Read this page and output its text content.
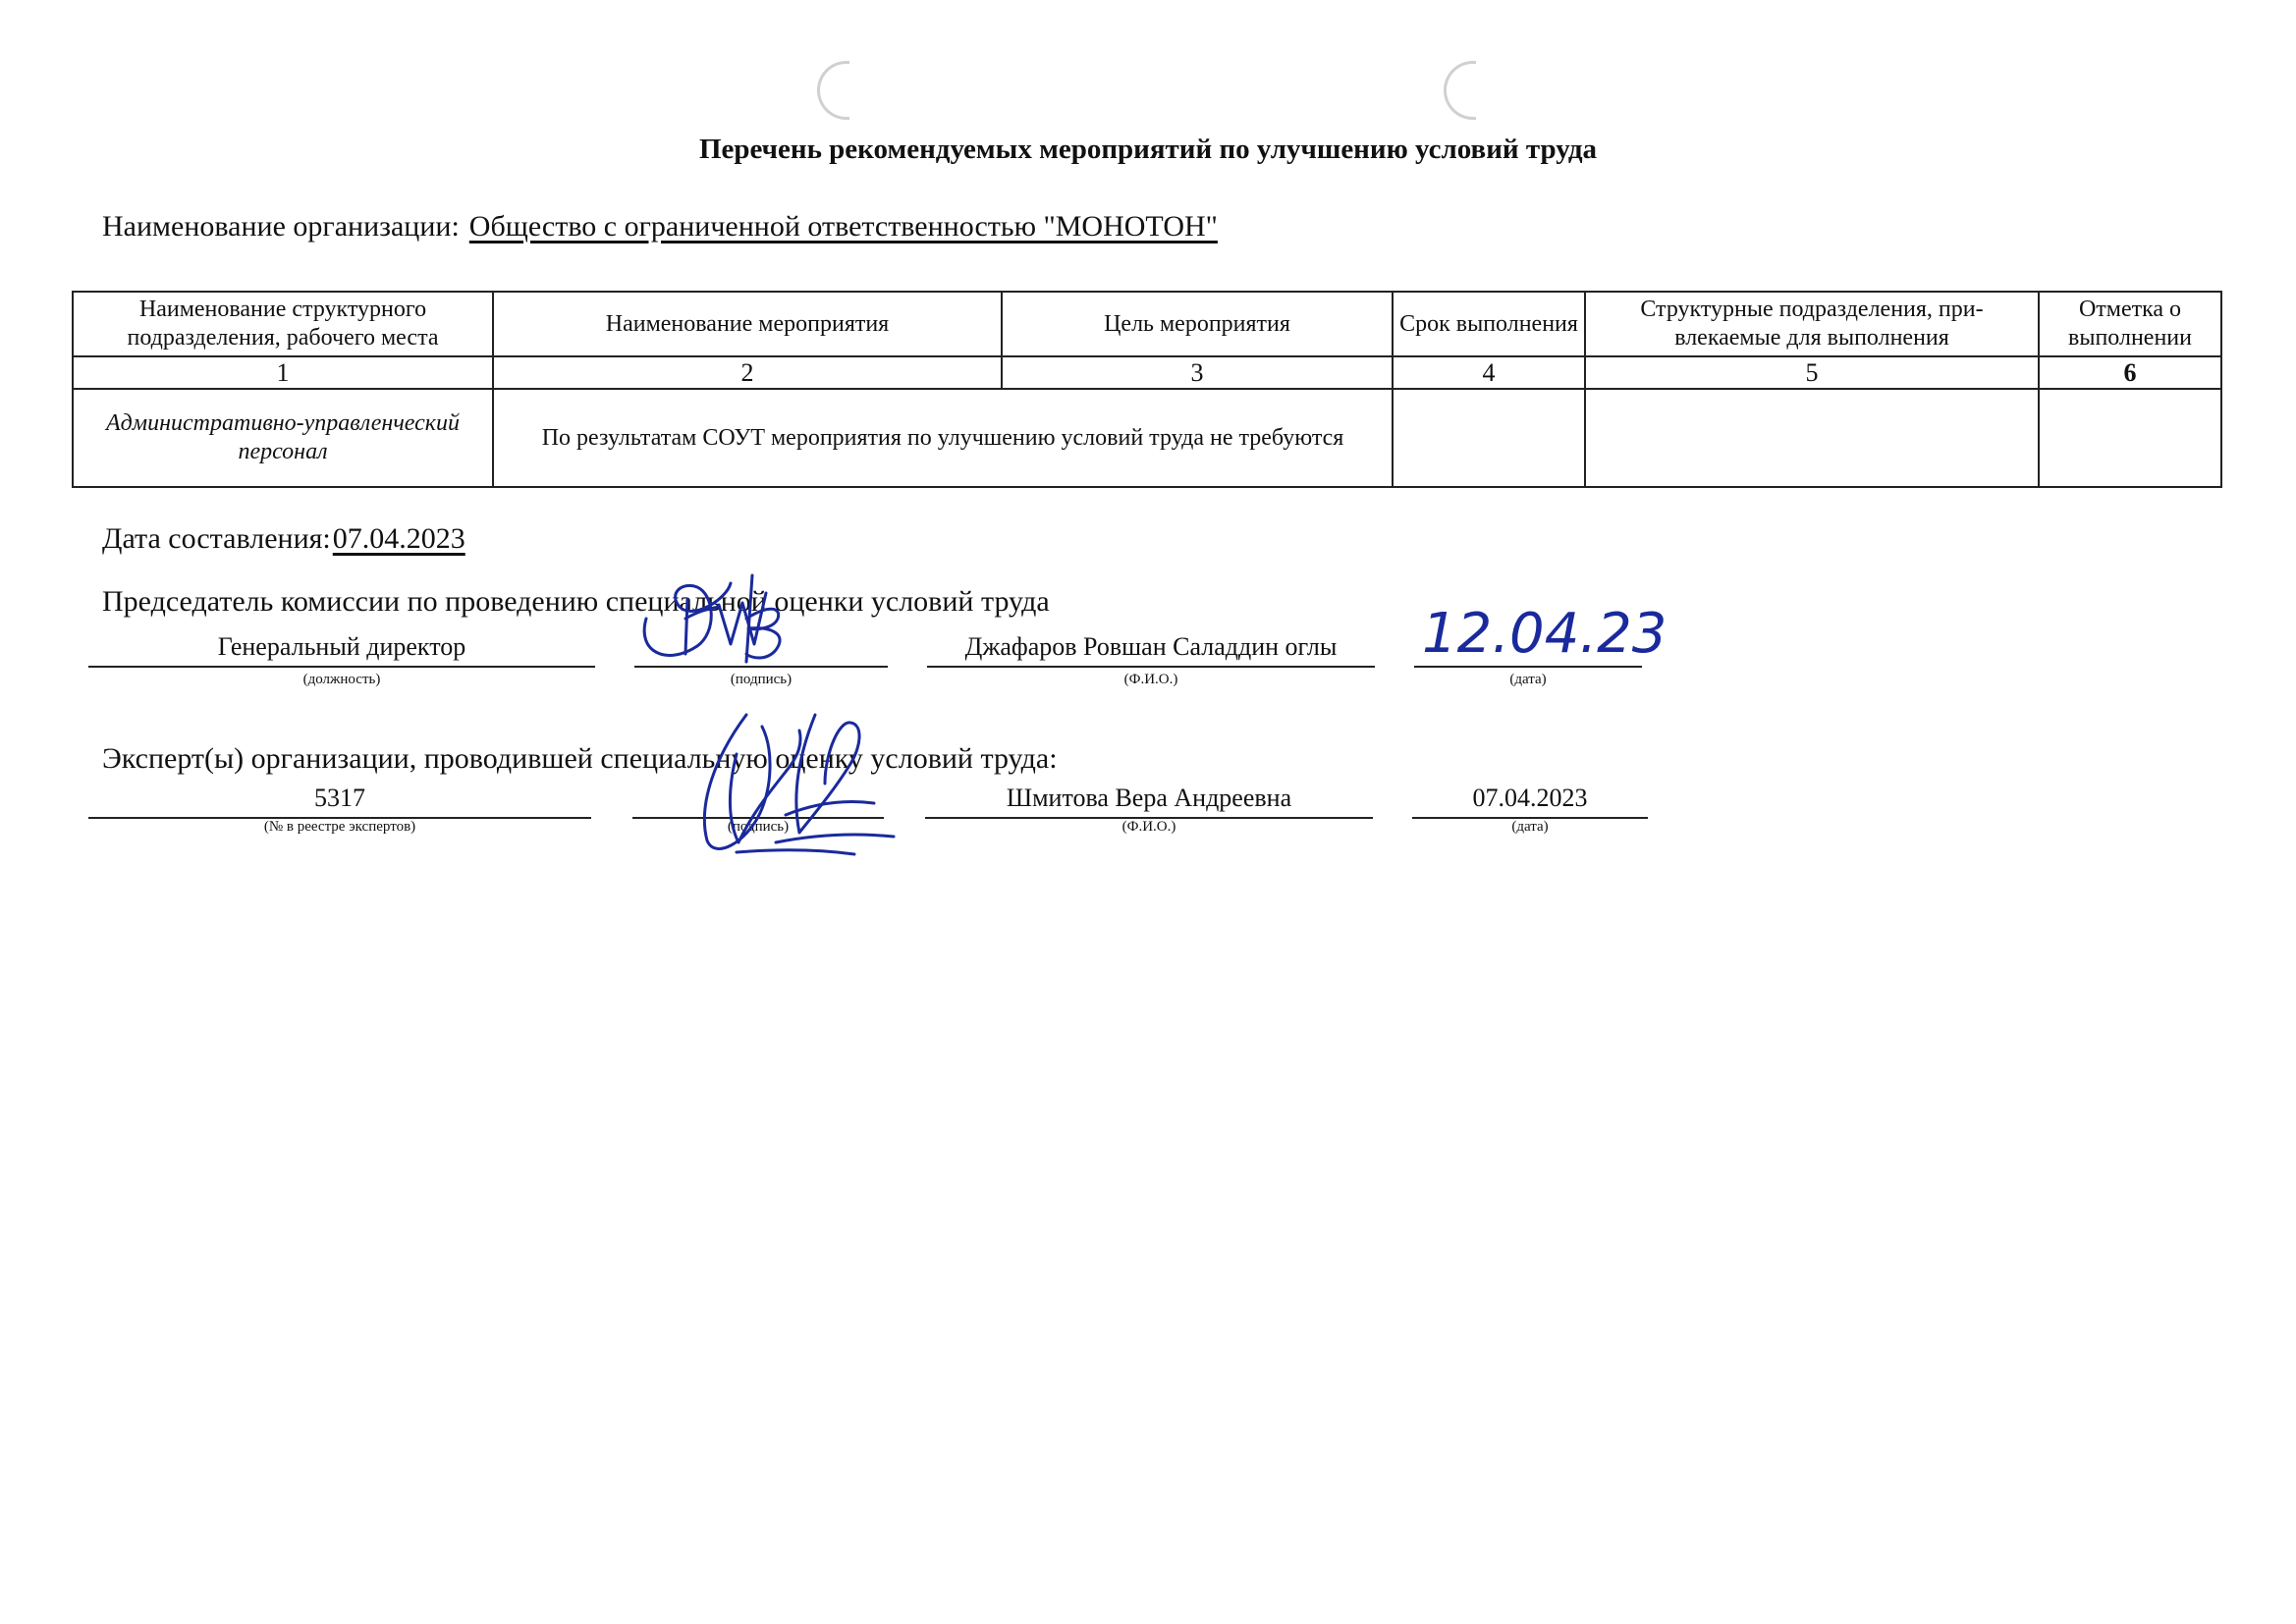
Перечень рекомендуемых мероприятий по улучшению условий труда
Наименование организации: Общество с ограниченной ответственностью "МОНОТОН"
Наименование структурного подразделения, рабочего места	Наименование мероприятия	Цель мероприятия	Срок выполнения	Структурные подразделения, при-влекаемые для выполнения	Отметка о выполнении
1	2	3	4	5	6
Административно-управленческий персонал	По результатам СОУТ мероприятия по улучшению условий труда не требуются				
Дата составления:07.04.2023
Председатель комиссии по проведению специальной оценки условий труда
Генеральный директор
(должность)	(подпись)
Джафаров Ровшан Саладдин оглы
(Ф.И.О.)	(дата)
12.04.23
Эксперт(ы) организации, проводившей специальную оценку условий труда:
5317
(№ в реестре экспертов)	(подпись)
Шмитова Вера Андреевна
(Ф.И.О.)
07.04.2023
(дата)
